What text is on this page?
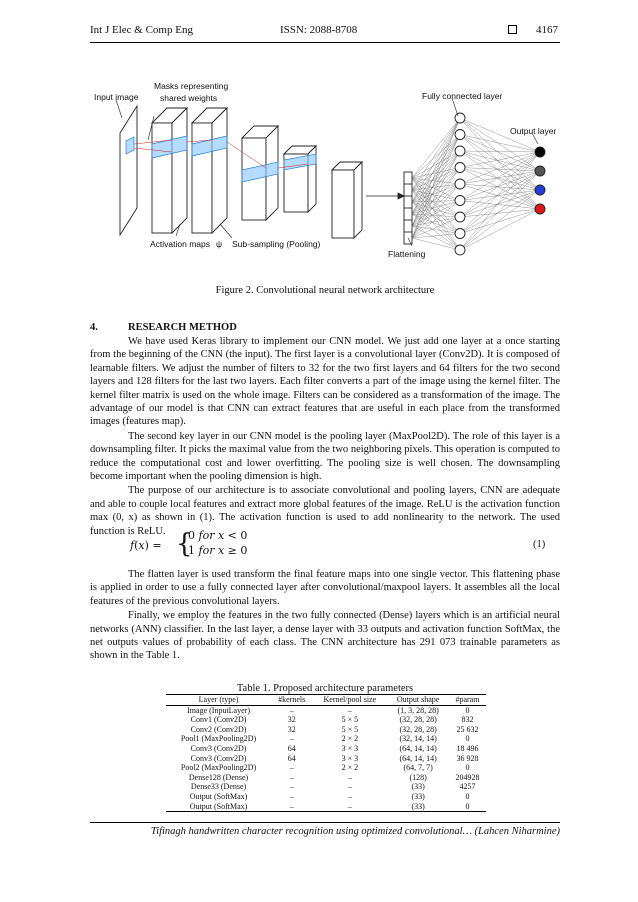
Int J Elec & Comp Eng	ISSN: 2088-8708	4167
Input image
Masks representing
shared weights
Activation maps ψ Sub-sampling (Pooling)
Flattening
Fully connected layer
Output layer
Figure 2. Convolutional neural network architecture
4.	RESEARCH METHOD

We have used Keras library to implement our CNN model. We just add one layer at a once starting from the beginning of the CNN (the input). The first layer is a convolutional layer (Conv2D). It is composed of learnable filters. We adjust the number of filters to 32 for the two first layers and 64 filters for the two second layers and 128 filters for the last two layers. Each filter converts a part of the image using the kernel filter. The kernel filter matrix is used on the whole image. Filters can be considered as a transformation of the image. The advantage of our model is that CNN can extract features that are useful in each place from the transformed images (features map).

The second key layer in our CNN model is the pooling layer (MaxPool2D). The role of this layer is a downsampling filter. It picks the maximal value from the two neighboring pixels. This operation is computed to reduce the computational cost and lower overfitting. The pooling size is well chosen. The downsampling become important when the pooling dimension is high.

The purpose of our architecture is to associate convolutional and pooling layers, CNN are adequate and able to couple local features and extract more global features of the image. ReLU is the activation function max (0, x) as shown in (1). The activation function is used to add nonlinearity to the network. The used function is ReLU.

𝑓(𝑥) = {
0 𝑓𝑜𝑟 𝑥 < 0
1 𝑓𝑜𝑟 𝑥 ≥ 0	(1)

The flatten layer is used transform the final feature maps into one single vector. This flattening phase is applied in order to use a fully connected layer after convolutional/maxpool layers. It assembles all the local features of the previous convolutional layers.

Finally, we employ the features in the two fully connected (Dense) layers which is an artificial neural networks (ANN) classifier. In the last layer, a dense layer with 33 outputs and activation function SoftMax, the net outputs values of probability of each class. The CNN architecture has 291 073 trainable parameters as shown in the Table 1.

Table 1. Proposed architecture parameters
Layer (type)	#kernels	Kernel/pool size	Output shape	#param
Image (InputLayer)	–	–	(1, 3, 28, 28)	0
Conv1 (Conv2D)	32	5 × 5	(32, 28, 28)	832
Conv2 (Conv2D)	32	5 × 5	(32, 28, 28)	25 632
Pool1 (MaxPooling2D)	–	2 × 2	(32, 14, 14)	0
Conv3 (Conv2D)	64	3 × 3	(64, 14, 14)	18 496
Conv3 (Conv2D)	64	3 × 3	(64, 14, 14)	36 928
Pool2 (MaxPooling2D)	–	2 × 2	(64, 7, 7)	0
Dense128 (Dense)	–	–	(128)	204928
Dense33 (Dense)	–	–	(33)	4257
Output (SoftMax)	–	–	(33)	0
Output (SoftMax)	–	–	(33)	0
Tifinagh handwritten character recognition using optimized convolutional… (Lahcen Niharmine)
